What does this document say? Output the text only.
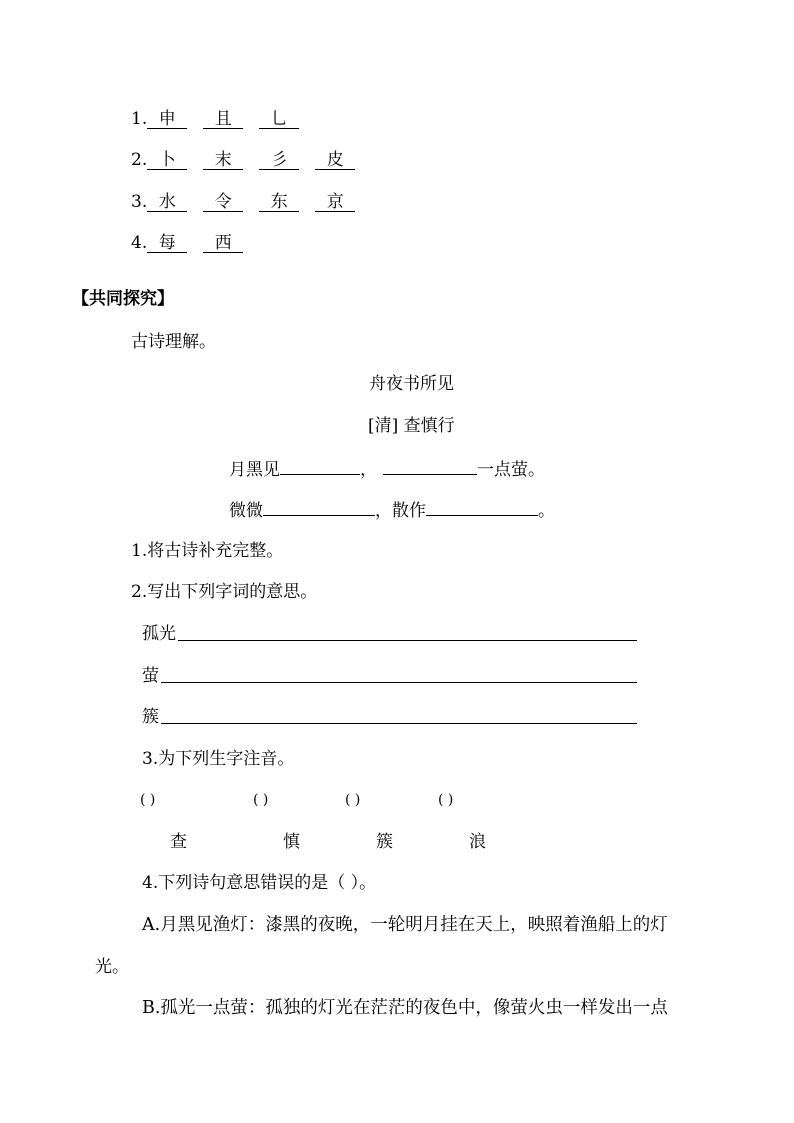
1. 申 且 乚
2. 卜 末 彡 皮
3. 水 令 东 京
4. 每 西
【共同探究】
古诗理解。
舟夜书所见
[清] 查慎行
月黑见	，	一点萤。
微微	，散作	。
1.将古诗补充完整。
2.写出下列字词的意思。
孤光
萤
簇
3.为下列生字注音。
( )	( )	( )	( )
查	慎	簇	浪
4.下列诗句意思错误的是（ ）。
A.月黑见渔灯：漆黑的夜晚，一轮明月挂在天上，映照着渔船上的灯
光。
B.孤光一点萤：孤独的灯光在茫茫的夜色中，像萤火虫一样发出一点
